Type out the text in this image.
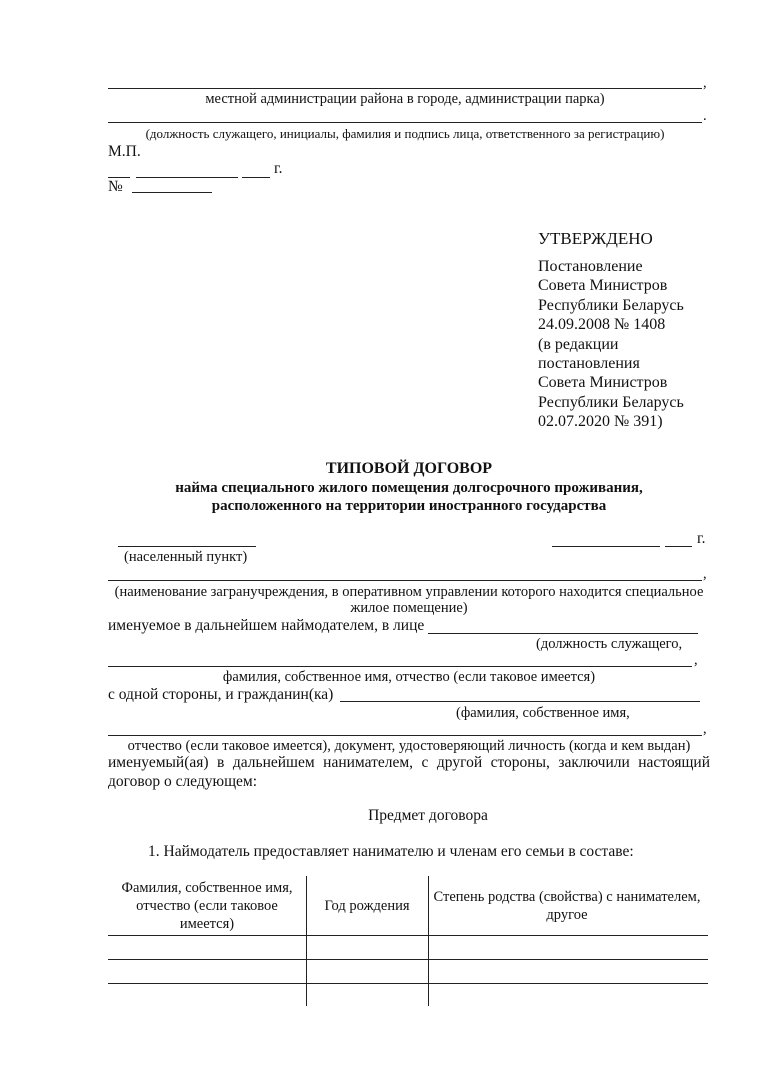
,
местной администрации района в городе, администрации парка)
.
(должность служащего, инициалы, фамилия и подпись лица, ответственного за регистрацию)
М.П.
г.
№
УТВЕРЖДЕНО
Постановление
Совета Министров
Республики Беларусь
24.09.2008 № 1408
(в редакции
постановления
Совета Министров
Республики Беларусь
02.07.2020 № 391)
ТИПОВОЙ ДОГОВОР
найма специального жилого помещения долгосрочного проживания,
расположенного на территории иностранного государства
(населенный пункт)
г.
,
(наименование загранучреждения, в оперативном управлении которого находится специальное
жилое помещение)
именуемое в дальнейшем наймодателем, в лице
(должность служащего,
,
фамилия, собственное имя, отчество (если таковое имеется)
с одной стороны, и гражданин(ка)
(фамилия, собственное имя,
,
отчество (если таковое имеется), документ, удостоверяющий личность (когда и кем выдан)
именуемый(ая) в дальнейшем нанимателем, с другой стороны, заключили настоящий
договор о следующем:
Предмет договора
1. Наймодатель предоставляет нанимателю и членам его семьи в составе:
Фамилия, собственное имя, отчество (если таковое имеется)
Год рождения
Степень родства (свойства) с нанимателем, другое
